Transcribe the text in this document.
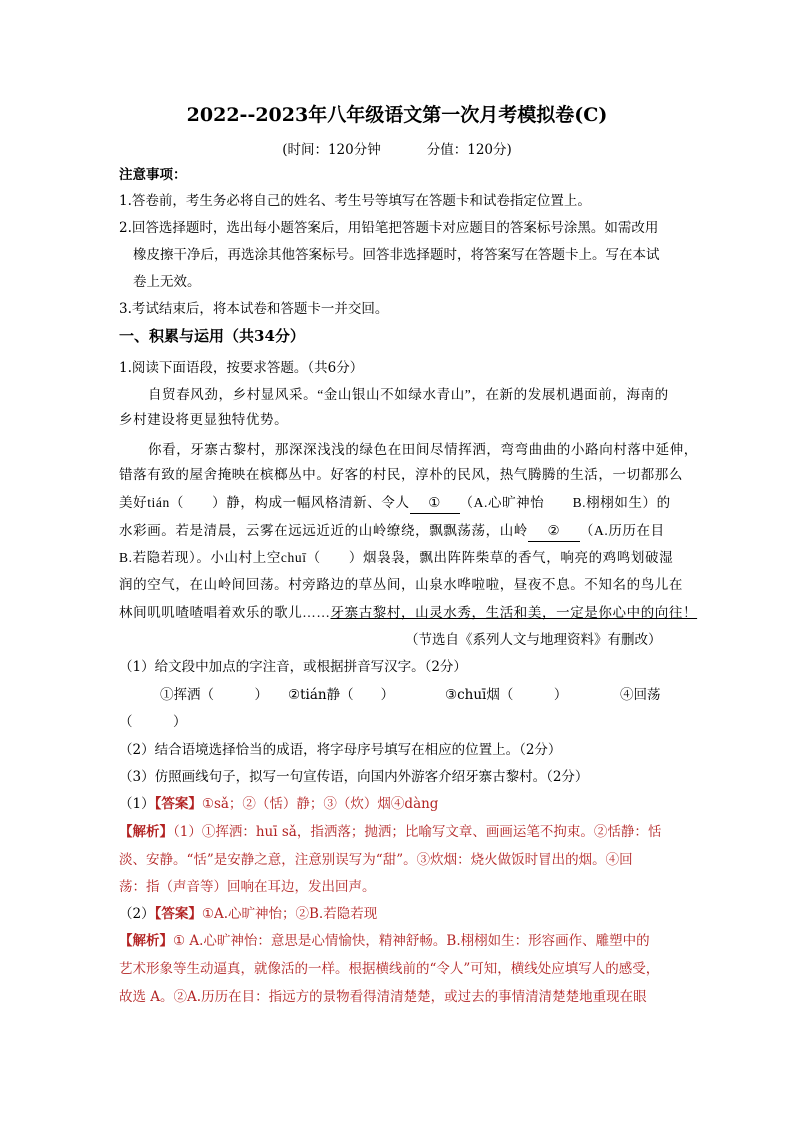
2022--2023年八年级语文第一次月考模拟卷(C)
(时间：120分钟	分值：120分)
注意事项：
1.答卷前，考生务必将自己的姓名、考生号等填写在答题卡和试卷指定位置上。
2.回答选择题时，选出每小题答案后，用铅笔把答题卡对应题目的答案标号涂黑。如需改用
橡皮擦干净后，再选涂其他答案标号。回答非选择题时，将答案写在答题卡上。写在本试
卷上无效。
3.考试结束后，将本试卷和答题卡一并交回。
一、积累与运用（共34分）
1.阅读下面语段，按要求答题。（共6分）
自贸春风劲，乡村显风采。“金山银山不如绿水青山”，在新的发展机遇面前，海南的
乡村建设将更显独特优势。
你看，牙寨古黎村，那深深浅浅的绿色在田间尽情挥洒，弯弯曲曲的小路向村落中延伸，
错落有致的屋舍掩映在槟榔丛中。好客的村民，淳朴的民风，热气腾腾的生活，一切都那么
美好tián（　　）静，构成一幅风格清新、令人 ① （A.心旷神怡　　B.栩栩如生）的
水彩画。若是清晨，云雾在远远近近的山岭缭绕，飘飘荡荡，山岭 ② （A.历历在目
B.若隐若现）。小山村上空chuī（　　）烟袅袅，飘出阵阵柴草的香气，响亮的鸡鸣划破湿
润的空气，在山岭间回荡。村旁路边的草丛间，山泉水哗啦啦，昼夜不息。不知名的鸟儿在
林间叽叽喳喳唱着欢乐的歌儿……牙寨古黎村，山灵水秀，生活和美，一定是你心中的向往！
（节选自《系列人文与地理资料》有删改）
（1）给文段中加点的字注音，或根据拼音写汉字。（2分）
①挥洒（　　　） ②tián静（　　）	③chuī烟（　　　）	④回荡
（　　　）
（2）结合语境选择恰当的成语，将字母序号填写在相应的位置上。（2分）
（3）仿照画线句子，拟写一句宣传语，向国内外游客介绍牙寨古黎村。（2分）
（1）【答案】①sǎ；②（恬）静；③（炊）烟④dàng
【解析】（1）①挥洒：huī sǎ，指洒落；抛洒；比喻写文章、画画运笔不拘束。②恬静：恬
淡、安静。“恬”是安静之意，注意别误写为“甜”。③炊烟：烧火做饭时冒出的烟。④回
荡：指（声音等）回响在耳边，发出回声。
（2）【答案】①A.心旷神怡；②B.若隐若现
【解析】① A.心旷神怡：意思是心情愉快，精神舒畅。B.栩栩如生：形容画作、雕塑中的
艺术形象等生动逼真，就像活的一样。根据横线前的“令人”可知，横线处应填写人的感受，
故选 A。②A.历历在目：指远方的景物看得清清楚楚，或过去的事情清清楚楚地重现在眼
